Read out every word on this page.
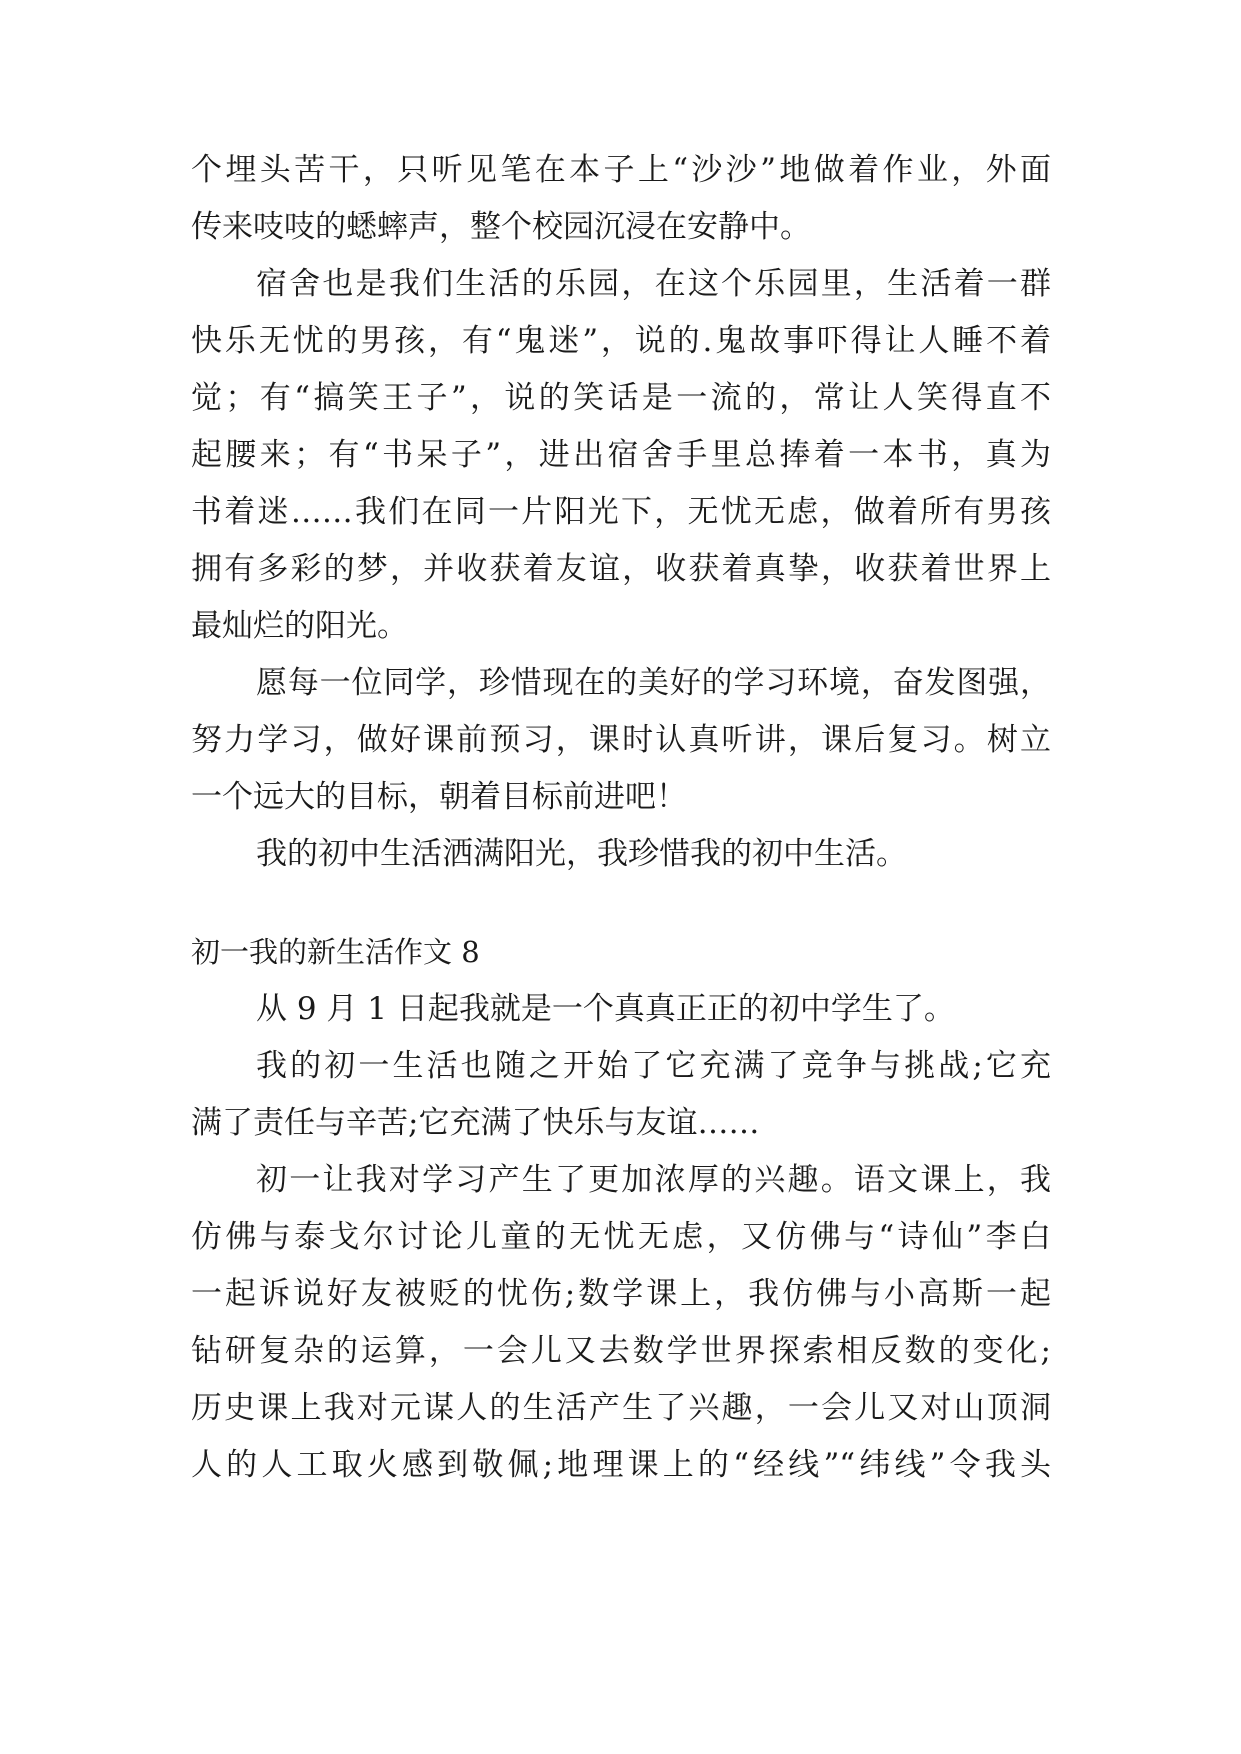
个埋头苦干，只听见笔在本子上“沙沙”地做着作业，外面
传来吱吱的蟋蟀声，整个校园沉浸在安静中。
宿舍也是我们生活的乐园，在这个乐园里，生活着一群
快乐无忧的男孩，有“鬼迷”，说的.鬼故事吓得让人睡不着
觉；有“搞笑王子”，说的笑话是一流的，常让人笑得直不
起腰来；有“书呆子”，进出宿舍手里总捧着一本书，真为
书着迷……我们在同一片阳光下，无忧无虑，做着所有男孩
拥有多彩的梦，并收获着友谊，收获着真挚，收获着世界上
最灿烂的阳光。
愿每一位同学，珍惜现在的美好的学习环境，奋发图强，
努力学习，做好课前预习，课时认真听讲，课后复习。树立
一个远大的目标，朝着目标前进吧！
我的初中生活洒满阳光，我珍惜我的初中生活。
初一我的新生活作文 8
从 9 月 1 日起我就是一个真真正正的初中学生了。
我的初一生活也随之开始了它充满了竞争与挑战;它充
满了责任与辛苦;它充满了快乐与友谊……
初一让我对学习产生了更加浓厚的兴趣。语文课上，我
仿佛与泰戈尔讨论儿童的无忧无虑，又仿佛与“诗仙”李白
一起诉说好友被贬的忧伤;数学课上，我仿佛与小高斯一起
钻研复杂的运算，一会儿又去数学世界探索相反数的变化;
历史课上我对元谋人的生活产生了兴趣，一会儿又对山顶洞
人的人工取火感到敬佩;地理课上的“经线”“纬线”令我头
